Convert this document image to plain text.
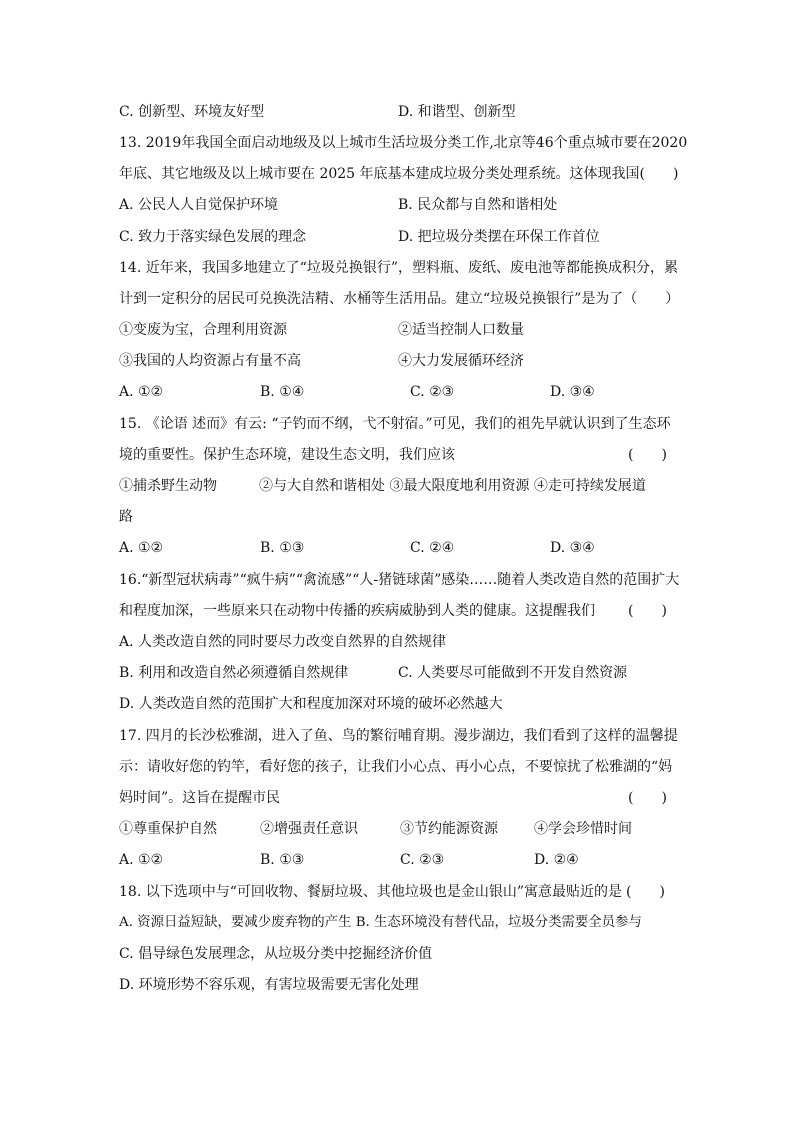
C. 创新型、环境友好型	D. 和谐型、创新型
13. 2019年我国全面启动地级及以上城市生活垃圾分类工作,北京等46个重点城市要在2020
年底、其它地级及以上城市要在 2025 年底基本建成垃圾分类处理系统。这体现我国(　　)
A. 公民人人自觉保护环境	B. 民众都与自然和谐相处
C. 致力于落实绿色发展的理念	D. 把垃圾分类摆在环保工作首位
14. 近年来，我国多地建立了“垃圾兑换银行”，塑料瓶、废纸、废电池等都能换成积分，累
计到一定积分的居民可兑换洗洁精、水桶等生活用品。建立“垃圾兑换银行”是为了（　　）
①变废为宝，合理利用资源	②适当控制人口数量
③我国的人均资源占有量不高	④大力发展循环经济
A. ①②	B. ①④	C. ②③	D. ③④
15. 《论语 述而》有云: “子钓而不纲，弋不射宿。”可见，我们的祖先早就认识到了生态环
境的重要性。保护生态环境，建设生态文明，我们应该	(　　)
①捕杀野生动物　　　②与大自然和谐相处 ③最大限度地利用资源 ④走可持续发展道
路
A. ①②	B. ①③	C. ②④	D. ③④
16.“新型冠状病毒”“疯牛病”“禽流感”“人-猪链球菌”感染……随着人类改造自然的范围扩大
和程度加深，一些原来只在动物中传播的疾病威胁到人类的健康。这提醒我们 (　　)
A. 人类改造自然的同时要尽力改变自然界的自然规律
B. 利用和改造自然必须遵循自然规律	C. 人类要尽可能做到不开发自然资源
D. 人类改造自然的范围扩大和程度加深对环境的破坏必然越大
17. 四月的长沙松雅湖，进入了鱼、鸟的繁衍哺育期。漫步湖边，我们看到了这样的温馨提
示：请收好您的钓竿，看好您的孩子，让我们小心点、再小心点，不要惊扰了松雅湖的“妈
妈时间”。这旨在提醒市民	(　　)
①尊重保护自然	②增强责任意识	③节约能源资源	④学会珍惜时间
A. ①②	B. ①③	C. ②③	D. ②④
18. 以下选项中与“可回收物、餐厨垃圾、其他垃圾也是金山银山”寓意最贴近的是 (　　)
A. 资源日益短缺，要减少废弃物的产生 B. 生态环境没有替代品，垃圾分类需要全员参与
C. 倡导绿色发展理念，从垃圾分类中挖掘经济价值
D. 环境形势不容乐观，有害垃圾需要无害化处理
